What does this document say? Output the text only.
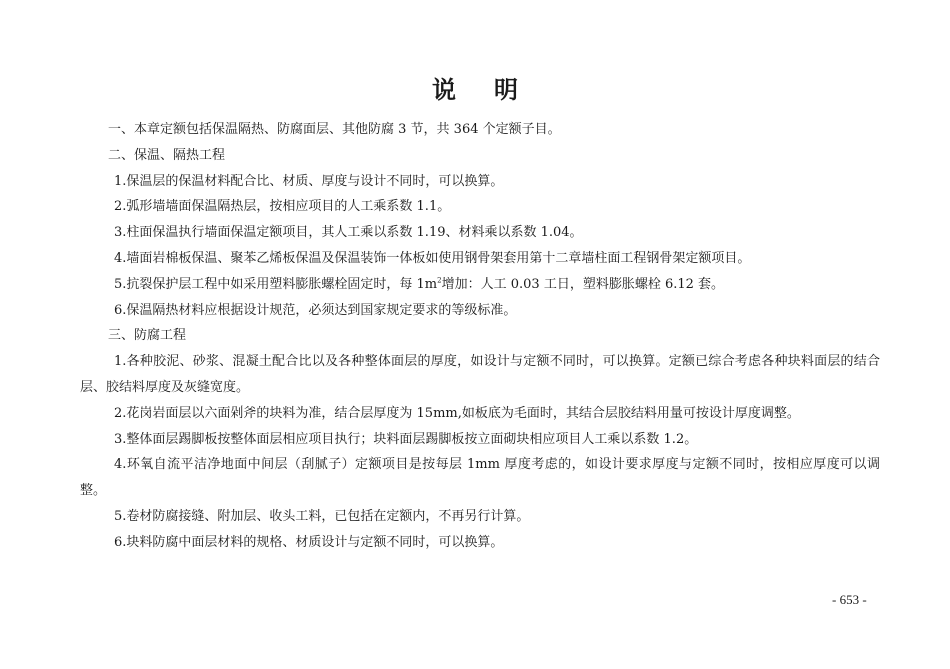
说 明

一、本章定额包括保温隔热、防腐面层、其他防腐 3 节，共 364 个定额子目。

二、保温、隔热工程

1.保温层的保温材料配合比、材质、厚度与设计不同时，可以换算。

2.弧形墙墙面保温隔热层，按相应项目的人工乘系数 1.1。

3.柱面保温执行墙面保温定额项目，其人工乘以系数 1.19、材料乘以系数 1.04。

4.墙面岩棉板保温、聚苯乙烯板保温及保温装饰一体板如使用钢骨架套用第十二章墙柱面工程钢骨架定额项目。

5.抗裂保护层工程中如采用塑料膨胀螺栓固定时，每 $1m^2$增加：人工 0.03 工日，塑料膨胀螺栓 6.12 套。

6.保温隔热材料应根据设计规范，必须达到国家规定要求的等级标准。

三、防腐工程

1.各种胶泥、砂浆、混凝土配合比以及各种整体面层的厚度，如设计与定额不同时，可以换算。定额已综合考虑各种块料面层的结合层、胶结料厚度及灰缝宽度。

2.花岗岩面层以六面剁斧的块料为准，结合层厚度为 15mm,如板底为毛面时，其结合层胶结料用量可按设计厚度调整。

3.整体面层踢脚板按整体面层相应项目执行；块料面层踢脚板按立面砌块相应项目人工乘以系数 1.2。

4.环氧自流平洁净地面中间层（刮腻子）定额项目是按每层 1mm 厚度考虑的，如设计要求厚度与定额不同时，按相应厚度可以调整。

5.卷材防腐接缝、附加层、收头工料，已包括在定额内，不再另行计算。

6.块料防腐中面层材料的规格、材质设计与定额不同时，可以换算。

- 653 -
